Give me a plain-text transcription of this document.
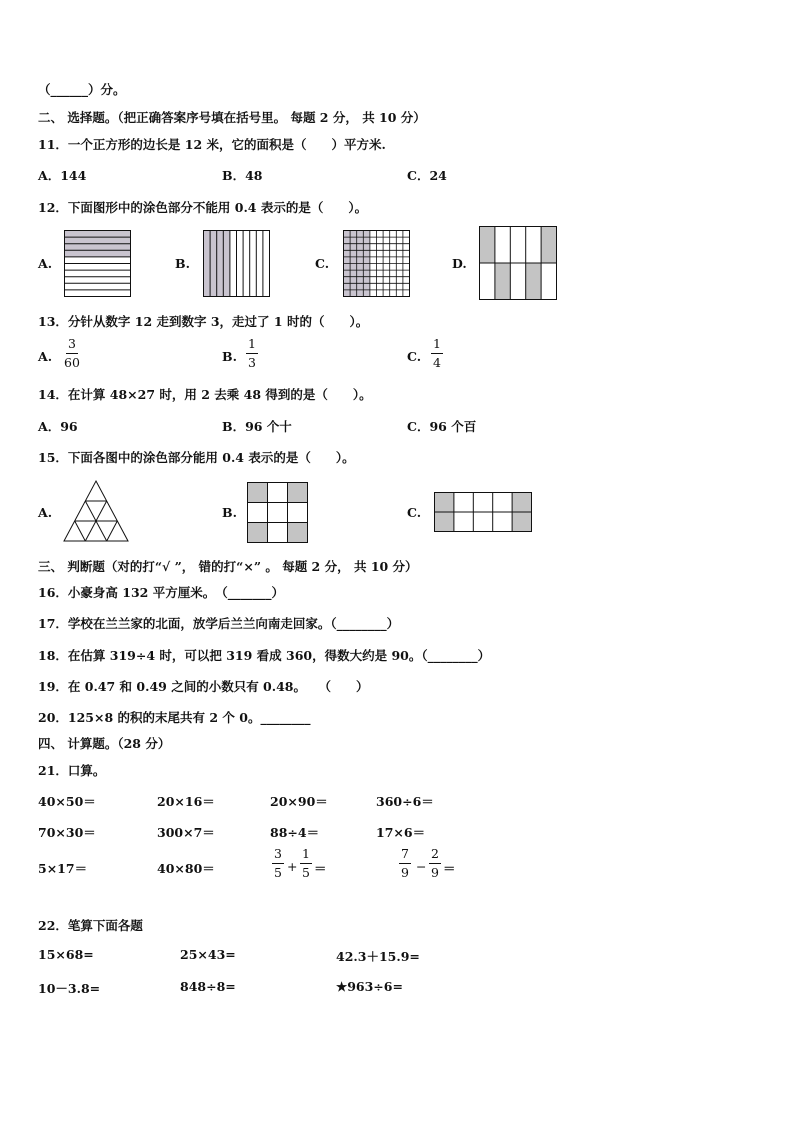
（______）分。
二、 选择题。（把正确答案序号填在括号里。 每题 2 分， 共 10 分）
11．一个正方形的边长是 12 米，它的面积是（　　）平方米.
A．144	B．48	C．24
12．下面图形中的涂色部分不能用 0.4 表示的是（　　）。
A.	B.	C.	D.
13．分针从数字 12 走到数字 3，走过了 1 时的（　　）。
A. $\frac{3}{60}$	B. $\frac{1}{3}$	C. $\frac{1}{4}$
14．在计算 48×27 时，用 2 去乘 48 得到的是（　　）。
A．96	B．96 个十	C．96 个百
15．下面各图中的涂色部分能用 0.4 表示的是（　　）。
A.	B.	C.
三、 判断题（对的打“√ ”， 错的打“×” 。 每题 2 分， 共 10 分）
16．小豪身高 132 平方厘米。　（_______）
17．学校在兰兰家的北面，放学后兰兰向南走回家。（________）
18．在估算 319÷4 时，可以把 319 看成 360，得数大约是 90。（________）
19．在 0.47 和 0.49 之间的小数只有 0.48。　　（　　）
20．125×8 的积的末尾共有 2 个 0。________
四、 计算题。（28 分）
21．口算。
40×50＝	20×16＝	20×90＝	360÷6＝
70×30＝	300×7＝	88÷4＝	17×6＝
5×17＝	40×80＝	$\frac{3}{5} + \frac{1}{5}$ ＝	$\frac{7}{9} - \frac{2}{9}$ ＝
22．笔算下面各题
15×68=	25×43=	42.3＋15.9=
10－3.8=	848÷8=	★963÷6=
